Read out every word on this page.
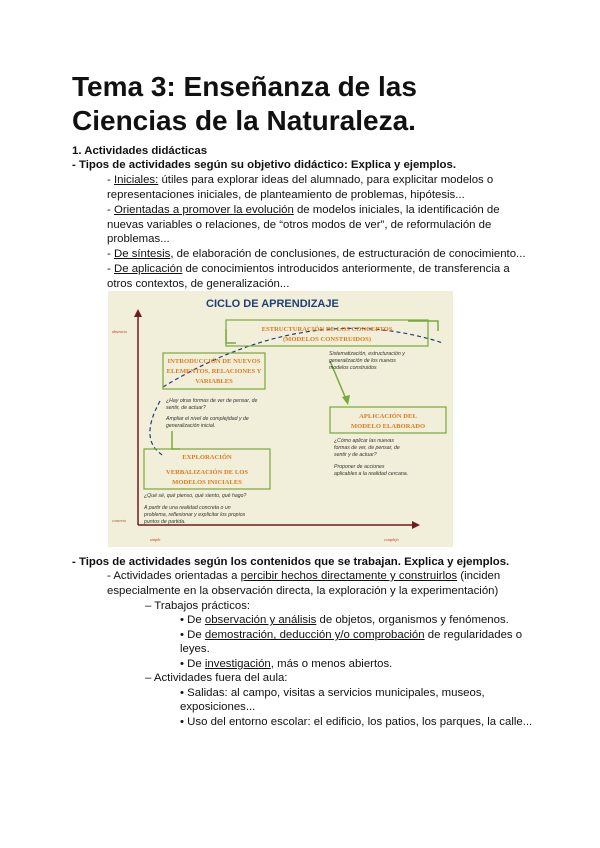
Tema 3: Enseñanza de las Ciencias de la Naturaleza.
1. Actividades didácticas
- Tipos de actividades según su objetivo didáctico: Explica y ejemplos.
- Iniciales: útiles para explorar ideas del alumnado, para explicitar modelos o
representaciones iniciales, de planteamiento de problemas, hipótesis...
- Orientadas a promover la evolución de modelos iniciales, la identificación de
nuevas variables o relaciones, de “otros modos de ver”, de reformulación de
problemas...
- De síntesis, de elaboración de conclusiones, de estructuración de conocimiento...
- De aplicación de conocimientos introducidos anteriormente, de transferencia a
otros contextos, de generalización...
CICLO DE APRENDIZAJE
abstracto
concreto
simple	complejo
ESTRUCTURACIÓN DE LOS CONCEPTOS
(MODELOS CONSTRUIDOS)
Sistematización, estructuración y
generalización de los nuevos
modelos construidos
INTRODUCCIÓN DE NUEVOS
ELEMENTOS, RELACIONES Y
VARIABLES
¿Hay otras formas de ver de pensar, de
sentir, de actuar?
Ampliar el nivel de complejidad y de
generalización inicial.
APLICACIÓN DEL
MODELO ELABORADO
¿Cómo aplicar las nuevas
formas de ver, de pensar, de
sentir y de actuar?
Proponer de acciones
aplicables a la realidad cercana.
EXPLORACIÓN
VERBALIZACIÓN DE LOS
MODELOS INICIALES
¿Qué sé, qué pienso, qué siento, qué hago?
A partir de una realidad concreta o un
problema, reflexionar y explicitar los propios
puntos de partida.
- Tipos de actividades según los contenidos que se trabajan. Explica y ejemplos.
- Actividades orientadas a percibir hechos directamente y construirlos (inciden
especialmente en la observación directa, la exploración y la experimentación)
– Trabajos prácticos:
• De observación y análisis de objetos, organismos y fenómenos.
• De demostración, deducción y/o comprobación de regularidades o
leyes.
• De investigación, más o menos abiertos.
– Actividades fuera del aula:
• Salidas: al campo, visitas a servicios municipales, museos,
exposiciones...
• Uso del entorno escolar: el edificio, los patios, los parques, la calle...
